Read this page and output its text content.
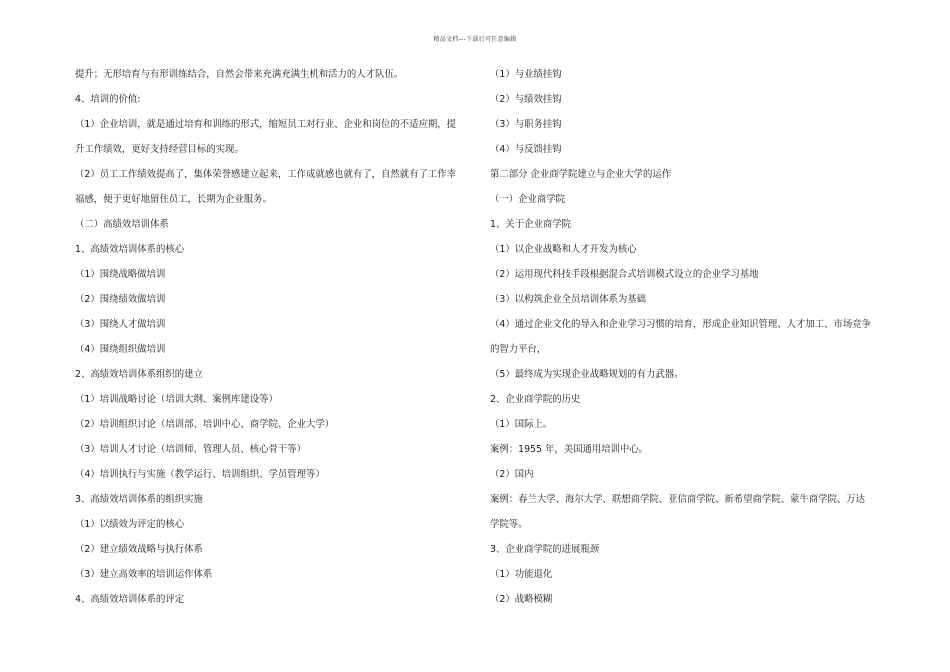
精品文档---下载后可任意编辑
提升；无形培育与有形训练结合，自然会带来充满充满生机和活力的人才队伍。
4、培训的价值:
（1）企业培训，就是通过培育和训练的形式，缩短员工对行业、企业和岗位的不适应期，提
升工作绩效，更好支持经营目标的实现。
（2）员工工作绩效提高了，集体荣誉感建立起来，工作成就感也就有了，自然就有了工作幸
福感，便于更好地留住员工，长期为企业服务。
（二）高绩效培训体系
1、高绩效培训体系的核心
（1）围绕战略做培训
（2）围绕绩效做培训
（3）围绕人才做培训
（4）围绕组织做培训
2、高绩效培训体系组织的建立
（1）培训战略讨论（培训大纲、案例库建设等）
（2）培训组织讨论（培训部、培训中心、商学院、企业大学）
（3）培训人才讨论（培训师、管理人员、核心骨干等）
（4）培训执行与实施（教学运行、培训组织、学员管理等）
3、高绩效培训体系的组织实施
（1）以绩效为评定的核心
（2）建立绩效战略与执行体系
（3）建立高效率的培训运作体系
4、高绩效培训体系的评定
（1）与业绩挂钩
（2）与绩效挂钩
（3）与职务挂钩
（4）与反馈挂钩
第二部分 企业商学院建立与企业大学的运作
（一）企业商学院
1、关于企业商学院
（1）以企业战略和人才开发为核心
（2）运用现代科技手段根据混合式培训模式设立的企业学习基地
（3）以构筑企业全员培训体系为基础
（4）通过企业文化的导入和企业学习习惯的培育，形成企业知识管理、人才加工、市场竞争
的智力平台，
（5）最终成为实现企业战略规划的有力武器。
2、企业商学院的历史
（1）国际上。
案例：1955 年，美国通用培训中心。
（2）国内
案例：春兰大学、海尔大学、联想商学院、亚信商学院、新希望商学院、蒙牛商学院、万达
学院等。
3、企业商学院的进展瓶颈
（1）功能退化
（2）战略模糊
